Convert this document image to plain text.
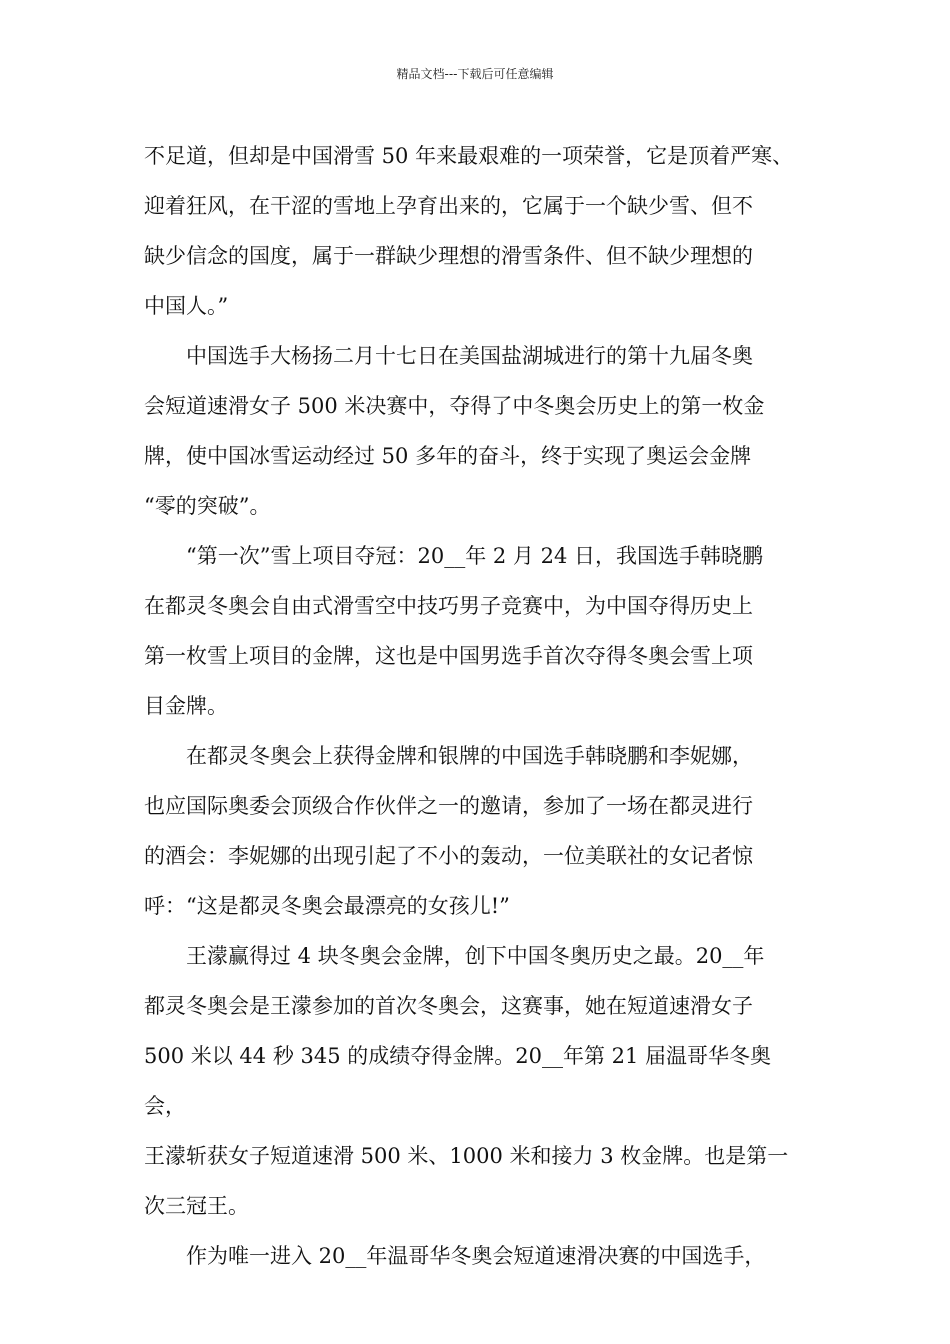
精品文档---下载后可任意编辑

不足道，但却是中国滑雪 50 年来最艰难的一项荣誉，它是顶着严寒、
迎着狂风，在干涩的雪地上孕育出来的，它属于一个缺少雪、但不
缺少信念的国度，属于一群缺少理想的滑雪条件、但不缺少理想的
中国人。”

中国选手大杨扬二月十七日在美国盐湖城进行的第十九届冬奥
会短道速滑女子 500 米决赛中，夺得了中冬奥会历史上的第一枚金
牌，使中国冰雪运动经过 50 多年的奋斗，终于实现了奥运会金牌
“零的突破”。

“第一次”雪上项目夺冠：20__年 2 月 24 日，我国选手韩晓鹏
在都灵冬奥会自由式滑雪空中技巧男子竞赛中，为中国夺得历史上
第一枚雪上项目的金牌，这也是中国男选手首次夺得冬奥会雪上项
目金牌。

在都灵冬奥会上获得金牌和银牌的中国选手韩晓鹏和李妮娜，
也应国际奥委会顶级合作伙伴之一的邀请，参加了一场在都灵进行
的酒会：李妮娜的出现引起了不小的轰动，一位美联社的女记者惊
呼：“这是都灵冬奥会最漂亮的女孩儿!”

王濛赢得过 4 块冬奥会金牌，创下中国冬奥历史之最。20__年
都灵冬奥会是王濛参加的首次冬奥会，这赛事，她在短道速滑女子
500 米以 44 秒 345 的成绩夺得金牌。20__年第 21 届温哥华冬奥会，
王濛斩获女子短道速滑 500 米、1000 米和接力 3 枚金牌。也是第一
次三冠王。

作为唯一进入 20__年温哥华冬奥会短道速滑决赛的中国选手，
